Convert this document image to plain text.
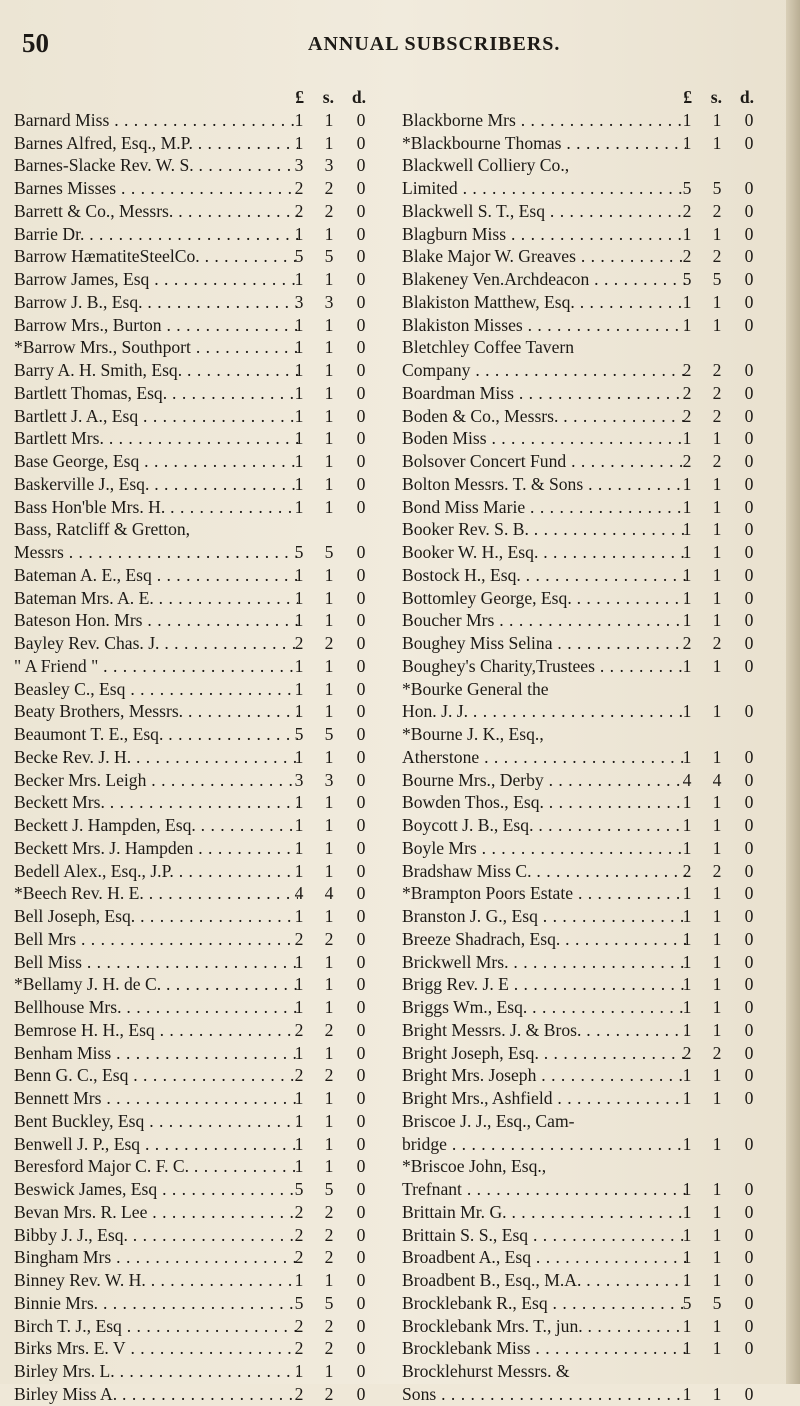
50	ANNUAL SUBSCRIBERS.
£ s. d.
Barnard Miss . . .	1 1 0
Barnes Alfred, Esq., M.P. . . .	1 1 0
Barnes-Slacke Rev. W. S. . . .	3 3 0
Barnes Misses . . .	2 2 0
Barrett & Co., Messrs. . . .	2 2 0
Barrie Dr. . . .	1 1 0
Barrow HæmatiteSteelCo. . . .	5 5 0
Barrow James, Esq . . .	1 1 0
Barrow J. B., Esq. . . .	3 3 0
Barrow Mrs., Burton . . .	1 1 0
*Barrow Mrs., Southport . . .	1 1 0
Barry A. H. Smith, Esq. . . .	1 1 0
Bartlett Thomas, Esq. . . .	1 1 0
Bartlett J. A., Esq . . .	1 1 0
Bartlett Mrs. . . .	1 1 0
Base George, Esq . . .	1 1 0
Baskerville J., Esq. . . .	1 1 0
Bass Hon'ble Mrs. H. . . .	1 1 0
Bass, Ratcliff & Gretton,
Messrs . . .	5 5 0
Bateman A. E., Esq . . .	1 1 0
Bateman Mrs. A. E. . . .	1 1 0
Bateson Hon. Mrs . . .	1 1 0
Bayley Rev. Chas. J. . . .	2 2 0
" A Friend " . . .	1 1 0
Beasley C., Esq . . .	1 1 0
Beaty Brothers, Messrs. . . .	1 1 0
Beaumont T. E., Esq. . . .	5 5 0
Becke Rev. J. H. . . .	1 1 0
Becker Mrs. Leigh . . .	3 3 0
Beckett Mrs. . . .	1 1 0
Beckett J. Hampden, Esq. . . .	1 1 0
Beckett Mrs. J. Hampden . . .	1 1 0
Bedell Alex., Esq., J.P. . . .	1 1 0
*Beech Rev. H. E. . . .	4 4 0
Bell Joseph, Esq. . . .	1 1 0
Bell Mrs . . .	2 2 0
Bell Miss . . .	1 1 0
*Bellamy J. H. de C. . . .	1 1 0
Bellhouse Mrs. . . .	1 1 0
Bemrose H. H., Esq . . .	2 2 0
Benham Miss . . .	1 1 0
Benn G. C., Esq . . .	2 2 0
Bennett Mrs . . .	1 1 0
Bent Buckley, Esq . . .	1 1 0
Benwell J. P., Esq . . .	1 1 0
Beresford Major C. F. C. . . .	1 1 0
Beswick James, Esq . . .	5 5 0
Bevan Mrs. R. Lee . . .	2 2 0
Bibby J. J., Esq. . . .	2 2 0
Bingham Mrs . . .	2 2 0
Binney Rev. W. H. . . .	1 1 0
Binnie Mrs. . . .	5 5 0
Birch T. J., Esq . . .	2 2 0
Birks Mrs. E. V . . .	2 2 0
Birley Mrs. L. . . .	1 1 0
Birley Miss A. . . .	2 2 0
£ s. d.
Blackborne Mrs . . .	1 1 0
*Blackbourne Thomas . . .	1 1 0
Blackwell Colliery Co.,
Limited . . .	5 5 0
Blackwell S. T., Esq . . .	2 2 0
Blagburn Miss . . .	1 1 0
Blake Major W. Greaves . . .	2 2 0
Blakeney Ven.Archdeacon . . .	5 5 0
Blakiston Matthew, Esq. . . .	1 1 0
Blakiston Misses . . .	1 1 0
Bletchley Coffee Tavern
Company . . .	2 2 0
Boardman Miss . . .	2 2 0
Boden & Co., Messrs. . . .	2 2 0
Boden Miss . . .	1 1 0
Bolsover Concert Fund . . .	2 2 0
Bolton Messrs. T. & Sons . . .	1 1 0
Bond Miss Marie . . .	1 1 0
Booker Rev. S. B. . . .	1 1 0
Booker W. H., Esq. . . .	1 1 0
Bostock H., Esq. . . .	1 1 0
Bottomley George, Esq. . . .	1 1 0
Boucher Mrs . . .	1 1 0
Boughey Miss Selina . . .	2 2 0
Boughey's Charity,Trustees . . .	1 1 0
*Bourke General the
Hon. J. J. . . .	1 1 0
*Bourne J. K., Esq.,
Atherstone . . .	1 1 0
Bourne Mrs., Derby . . .	4 4 0
Bowden Thos., Esq. . . .	1 1 0
Boycott J. B., Esq. . . .	1 1 0
Boyle Mrs . . .	1 1 0
Bradshaw Miss C. . . .	2 2 0
*Brampton Poors Estate . . .	1 1 0
Branston J. G., Esq . . .	1 1 0
Breeze Shadrach, Esq. . . .	1 1 0
Brickwell Mrs. . . .	1 1 0
Brigg Rev. J. E . . .	1 1 0
Briggs Wm., Esq. . . .	1 1 0
Bright Messrs. J. & Bros. . . .	1 1 0
Bright Joseph, Esq. . . .	2 2 0
Bright Mrs. Joseph . . .	1 1 0
Bright Mrs., Ashfield . . .	1 1 0
Briscoe J. J., Esq., Cam-
bridge . . .	1 1 0
*Briscoe John, Esq.,
Trefnant . . .	1 1 0
Brittain Mr. G. . . .	1 1 0
Brittain S. S., Esq . . .	1 1 0
Broadbent A., Esq . . .	1 1 0
Broadbent B., Esq., M.A. . . .	1 1 0
Brocklebank R., Esq . . .	5 5 0
Brocklebank Mrs. T., jun. . . .	1 1 0
Brocklebank Miss . . .	1 1 0
Brocklehurst Messrs. &
Sons . . .	1 1 0
